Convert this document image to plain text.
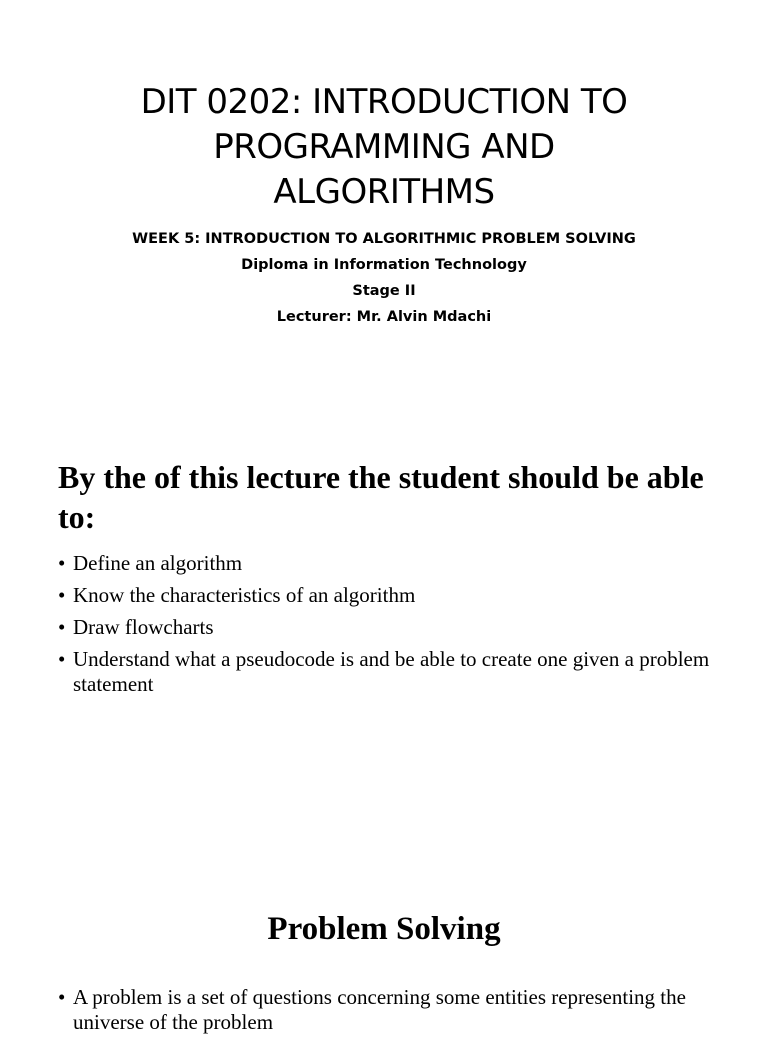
DIT 0202: INTRODUCTION TO
PROGRAMMING AND
ALGORITHMS
WEEK 5: INTRODUCTION TO ALGORITHMIC PROBLEM SOLVING
Diploma in Information Technology
Stage II
Lecturer: Mr. Alvin Mdachi
By the of this lecture the student should be able to:
• Define an algorithm
• Know the characteristics of an algorithm
• Draw flowcharts
• Understand what a pseudocode is and be able to create one given a problem statement
Problem Solving
• A problem is a set of questions concerning some entities representing the universe of the problem
